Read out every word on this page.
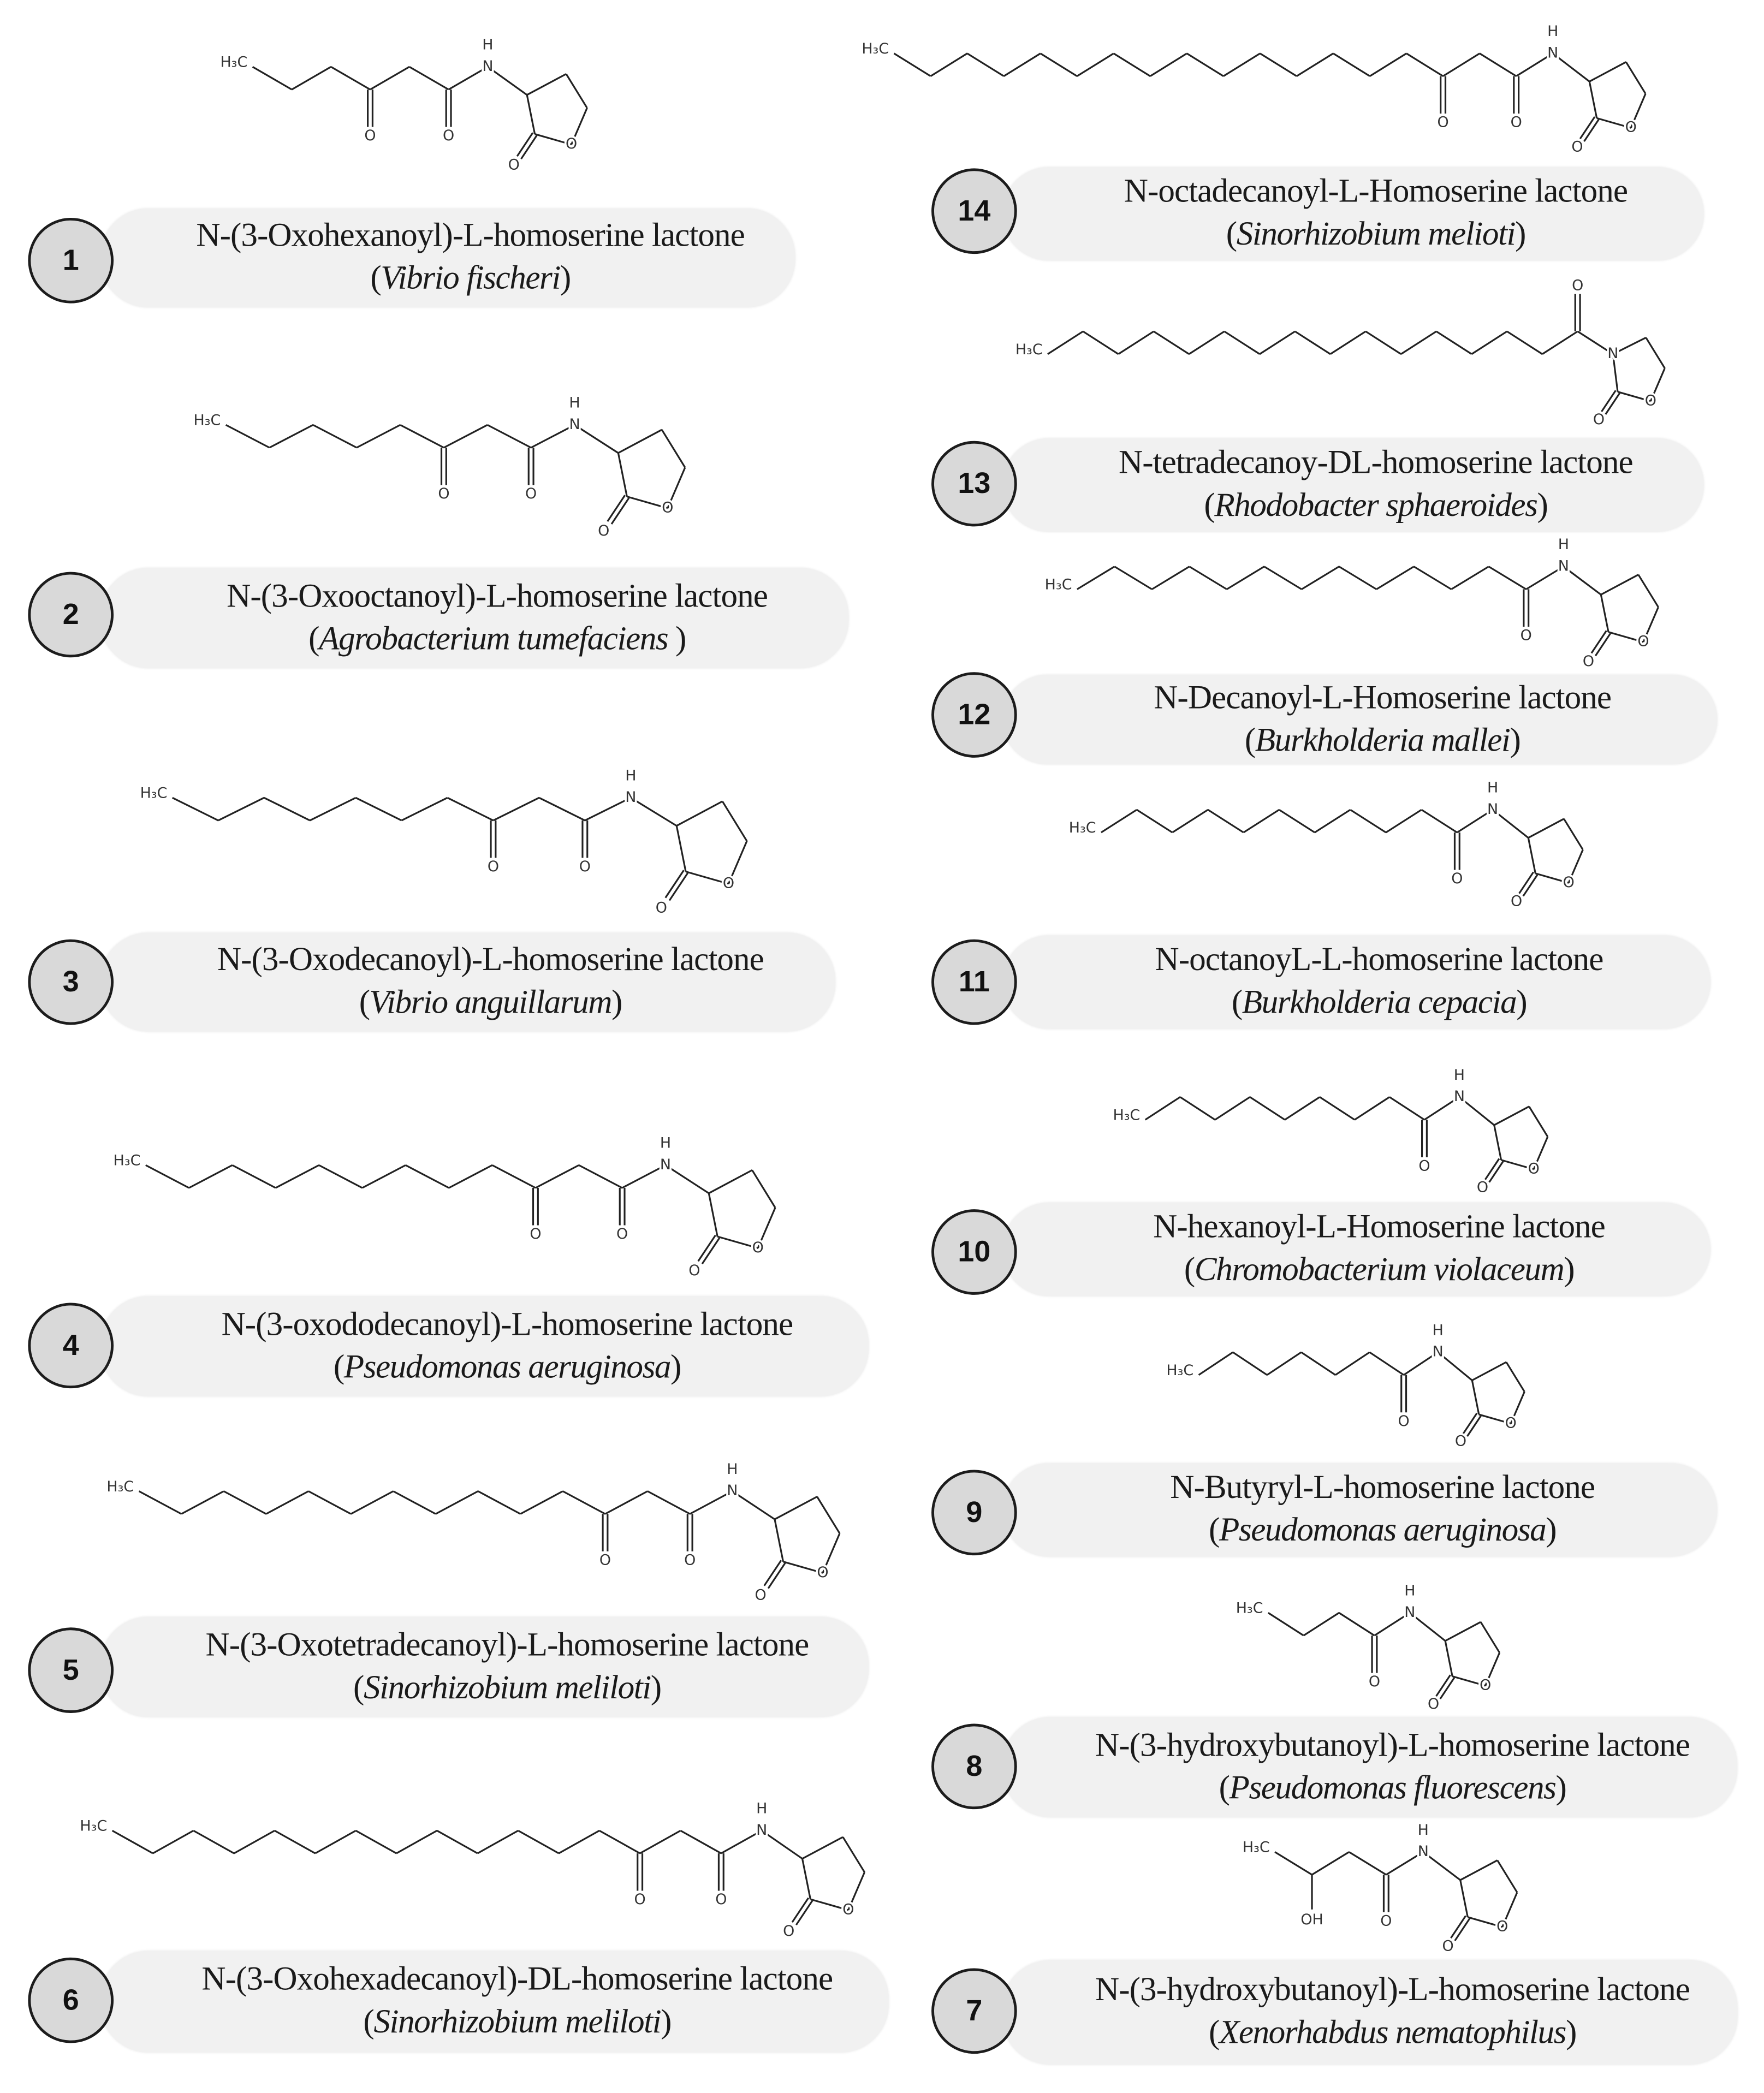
H₃C
O	O
H
O
O
N
H₃C
O	O
H
O
O
N
H₃C
O	O
H
O
O
N
H₃C
O	O
H
O
O
N
H₃C
O	O
H
O
O
N
H₃C
O	O
H
O
O
N
H₃C
OH	O
H
O
O
N
H₃C
O
H
O
O
N
H₃C
O
H
O
O
N
H₃C
O
H
O
O
N
H₃C
O
H
O
O
N
H₃C
O
H
O
O
N
H₃C
O
O
O
N
H₃C
O	O
H
O
O
N
N-(3-Oxohexanoyl)-L-homoserine lactone
( Vibrio fischeri )
1
N-(3-Oxooctanoyl)-L-homoserine lactone
( Agrobacterium tumefaciens )
2
N-(3-Oxodecanoyl)-L-homoserine lactone
( Vibrio anguillarum )
3
N-(3-oxododecanoyl)-L-homoserine lactone
( Pseudomonas aeruginosa )
4
N-(3-Oxotetradecanoyl)-L-homoserine lactone
( Sinorhizobium meliloti )
5
N-(3-Oxohexadecanoyl)-DL-homoserine lactone
( Sinorhizobium meliloti )
6
N-octadecanoyl-L-Homoserine lactone
( Sinorhizobium melioti )
14
N-tetradecanoy-DL-homoserine lactone
( Rhodobacter sphaeroides )
13
N-Decanoyl-L-Homoserine lactone
( Burkholderia mallei )
12
N-octanoyL-L-homoserine lactone
( Burkholderia cepacia )
11
N-hexanoyl-L-Homoserine lactone
( Chromobacterium violaceum )
10
N-Butyryl-L-homoserine lactone
( Pseudomonas aeruginosa )
9
N-(3-hydroxybutanoyl)-L-homoserine lactone
( Pseudomonas fluorescens )
8
N-(3-hydroxybutanoyl)-L-homoserine lactone
( Xenorhabdus nematophilus )
7
